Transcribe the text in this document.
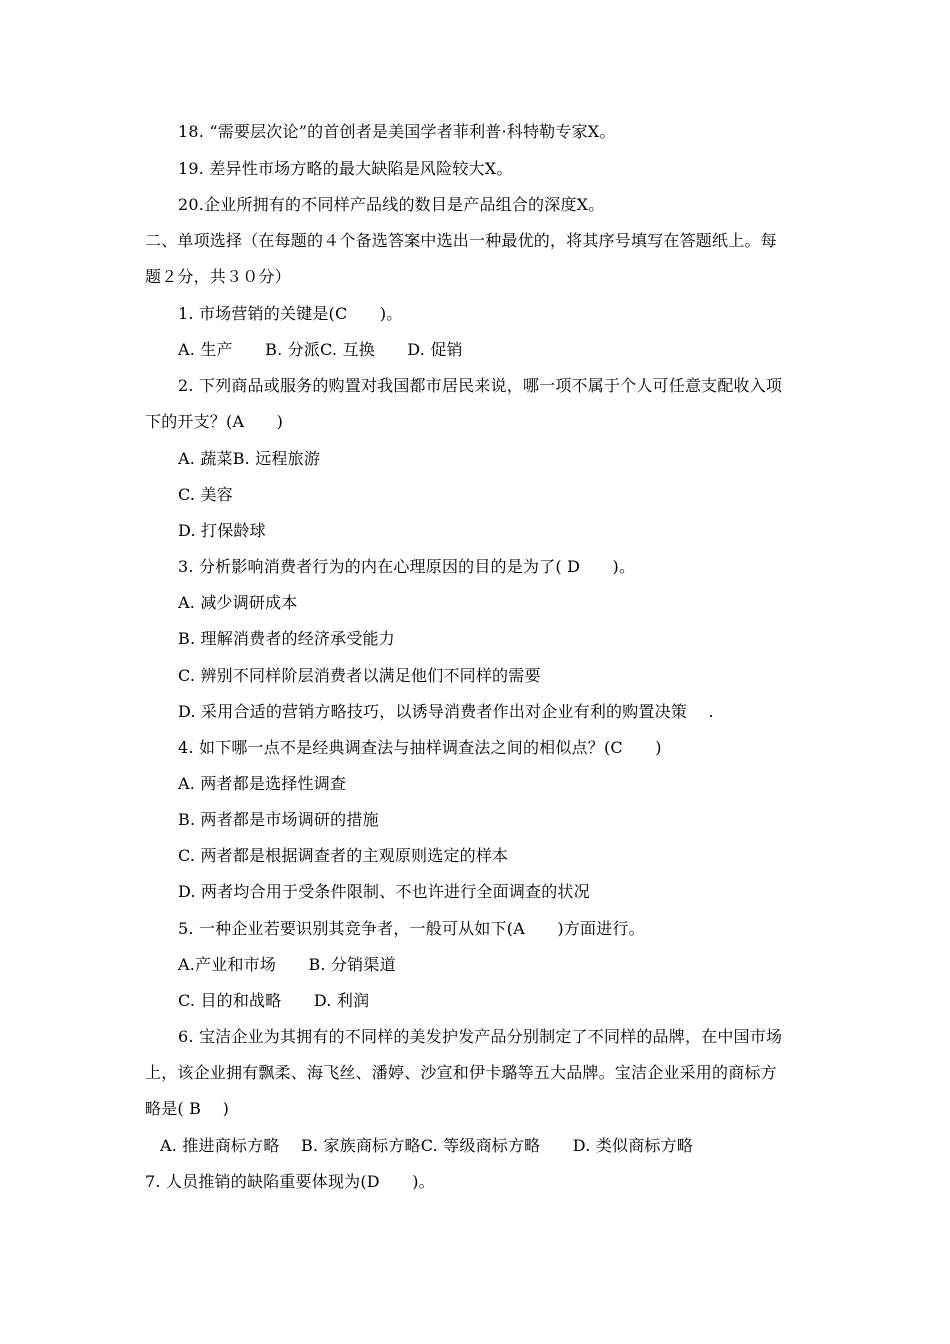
18. “需要层次论”的首创者是美国学者菲利普·科特勒专家X。
19. 差异性市场方略的最大缺陷是风险较大X。
20.企业所拥有的不同样产品线的数目是产品组合的深度X。
二、单项选择（在每题的４个备选答案中选出一种最优的，将其序号填写在答题纸上。每
题２分，共３０分）
1. 市场营销的关键是(C　　)。
A. 生产　　B. 分派C. 互换　　D. 促销
2. 下列商品或服务的购置对我国都市居民来说，哪一项不属于个人可任意支配收入项
下的开支？(A　　)
A. 蔬菜B. 远程旅游
C. 美容
D. 打保龄球
3. 分析影响消费者行为的内在心理原因的目的是为了( D　　)。
A. 减少调研成本
B. 理解消费者的经济承受能力
C. 辨别不同样阶层消费者以满足他们不同样的需要
D. 采用合适的营销方略技巧，以诱导消费者作出对企业有利的购置决策　 .
4. 如下哪一点不是经典调查法与抽样调查法之间的相似点？(C　　)
A. 两者都是选择性调查
B. 两者都是市场调研的措施
C. 两者都是根据调查者的主观原则选定的样本
D. 两者均合用于受条件限制、不也许进行全面调查的状况
5. 一种企业若要识别其竞争者，一般可从如下(A　　)方面进行。
A.产业和市场　　B. 分销渠道
C. 目的和战略　　D. 利润
6. 宝洁企业为其拥有的不同样的美发护发产品分别制定了不同样的品牌，在中国市场
上，该企业拥有飘柔、海飞丝、潘婷、沙宣和伊卡璐等五大品牌。宝洁企业采用的商标方
略是( B　 )
A. 推进商标方略　 B. 家族商标方略C. 等级商标方略　　D. 类似商标方略
7. 人员推销的缺陷重要体现为(D　　)。
